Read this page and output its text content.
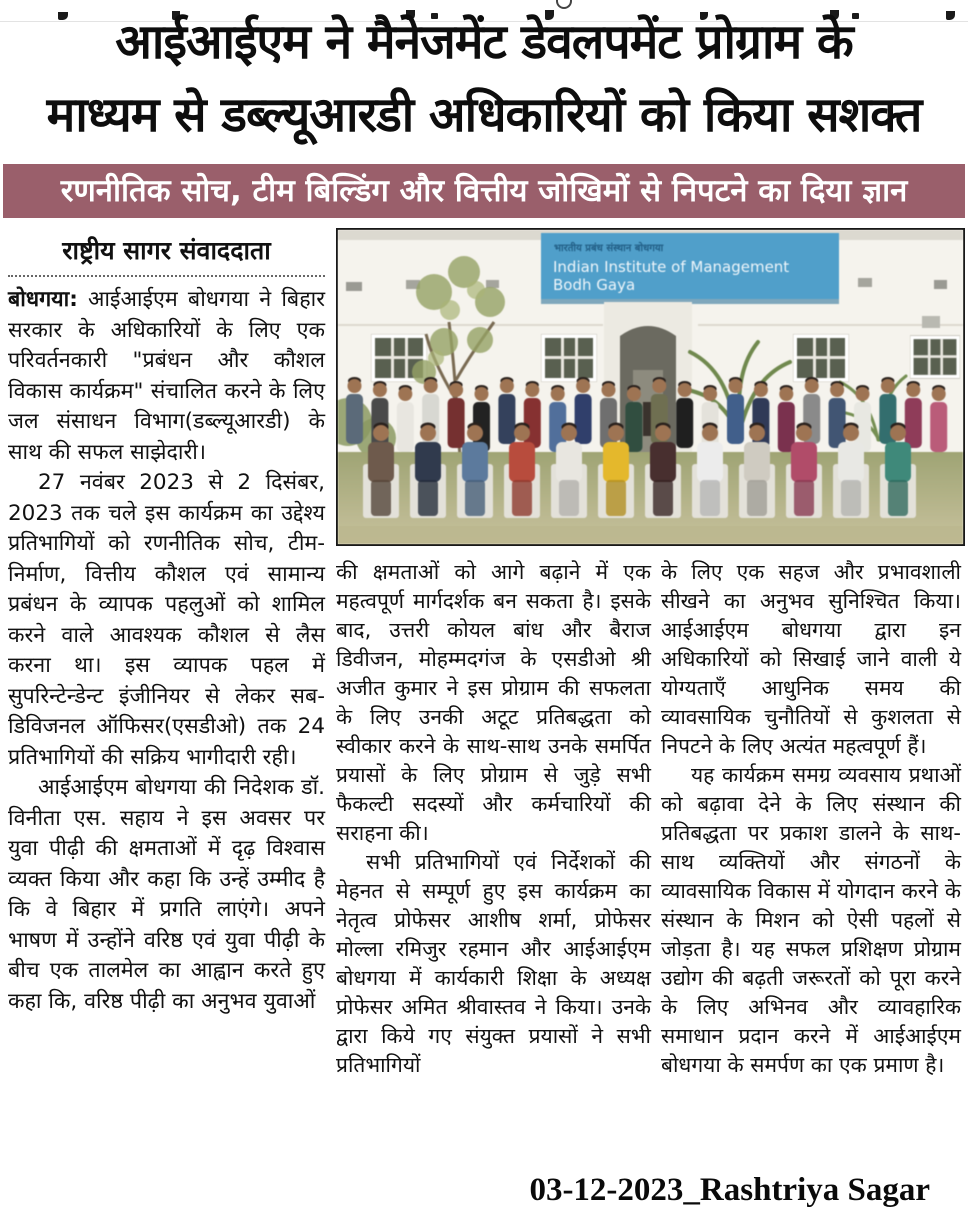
आईआईएम ने मैनेजमेंट डेवलपमेंट प्रोग्राम के
माध्यम से डब्ल्यूआरडी अधिकारियों को किया सशक्त
रणनीतिक सोच, टीम बिल्डिंग और वित्तीय जोखिमों से निपटने का दिया ज्ञान
राष्ट्रीय सागर संवाददाता

बोधगया: आईआईएम बोधगया ने बिहार सरकार के अधिकारियों के लिए एक परिवर्तनकारी "प्रबंधन और कौशल विकास कार्यक्रम" संचालित करने के लिए जल संसाधन विभाग(डब्ल्यूआरडी) के साथ की सफल साझेदारी।

27 नवंबर 2023 से 2 दिसंबर, 2023 तक चले इस कार्यक्रम का उद्देश्य प्रतिभागियों को रणनीतिक सोच, टीम-निर्माण, वित्तीय कौशल एवं सामान्य प्रबंधन के व्यापक पहलुओं को शामिल करने वाले आवश्यक कौशल से लैस करना था। इस व्यापक पहल में सुपरिन्टेन्डेन्ट इंजीनियर से लेकर सब-डिविजनल ऑफिसर(एसडीओ) तक 24 प्रतिभागियों की सक्रिय भागीदारी रही।

आईआईएम बोधगया की निदेशक डॉ. विनीता एस. सहाय ने इस अवसर पर युवा पीढ़ी की क्षमताओं में दृढ़ विश्वास व्यक्त किया और कहा कि उन्हें उम्मीद है कि वे बिहार में प्रगति लाएंगे। अपने भाषण में उन्होंने वरिष्ठ एवं युवा पीढ़ी के बीच एक तालमेल का आह्वान करते हुए कहा कि, वरिष्ठ पीढ़ी का अनुभव युवाओं

भारतीय प्रबंध संस्थान बोधगया
Indian Institute of Management
Bodh Gaya

की क्षमताओं को आगे बढ़ाने में एक महत्वपूर्ण मार्गदर्शक बन सकता है। इसके बाद, उत्तरी कोयल बांध और बैराज डिवीजन, मोहम्मदगंज के एसडीओ श्री अजीत कुमार ने इस प्रोग्राम की सफलता के लिए उनकी अटूट प्रतिबद्धता को स्वीकार करने के साथ-साथ उनके समर्पित प्रयासों के लिए प्रोग्राम से जुड़े सभी फैकल्टी सदस्यों और कर्मचारियों की सराहना की।

सभी प्रतिभागियों एवं निर्देशकों की मेहनत से सम्पूर्ण हुए इस कार्यक्रम का नेतृत्व प्रोफेसर आशीष शर्मा, प्रोफेसर मोल्ला रमिजुर रहमान और आईआईएम बोधगया में कार्यकारी शिक्षा के अध्यक्ष प्रोफेसर अमित श्रीवास्तव ने किया। उनके द्वारा किये गए संयुक्त प्रयासों ने सभी प्रतिभागियों

के लिए एक सहज और प्रभावशाली सीखने का अनुभव सुनिश्चित किया। आईआईएम बोधगया द्वारा इन अधिकारियों को सिखाई जाने वाली ये योग्यताएँ आधुनिक समय की व्यावसायिक चुनौतियों से कुशलता से निपटने के लिए अत्यंत महत्वपूर्ण हैं।

यह कार्यक्रम समग्र व्यवसाय प्रथाओं को बढ़ावा देने के लिए संस्थान की प्रतिबद्धता पर प्रकाश डालने के साथ-साथ व्यक्तियों और संगठनों के व्यावसायिक विकास में योगदान करने के संस्थान के मिशन को ऐसी पहलों से जोड़ता है। यह सफल प्रशिक्षण प्रोग्राम उद्योग की बढ़ती जरूरतों को पूरा करने के लिए अभिनव और व्यावहारिक समाधान प्रदान करने में आईआईएम बोधगया के समर्पण का एक प्रमाण है।

03-12-2023_Rashtriya Sagar
